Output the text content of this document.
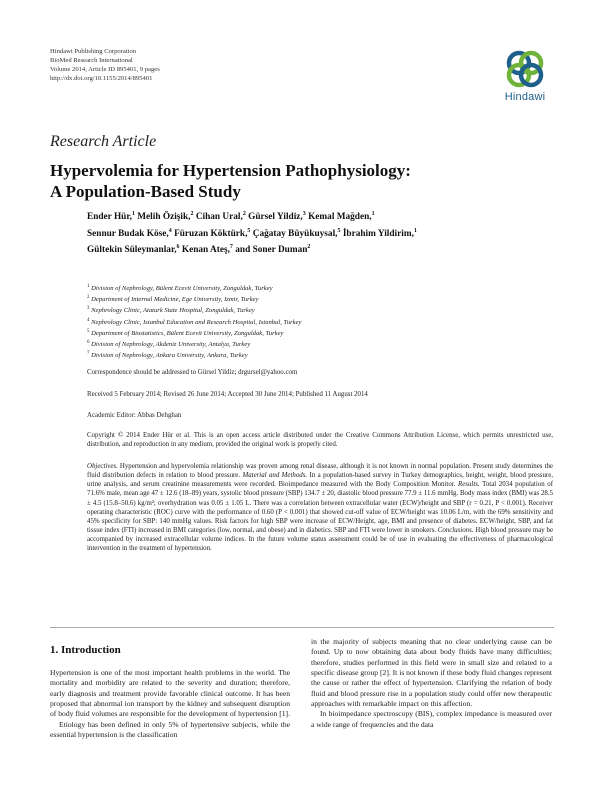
Hindawi Publishing Corporation
BioMed Research International
Volume 2014, Article ID 895401, 9 pages
http://dx.doi.org/10.1155/2014/895401
Hindawi
Research Article
Hypervolemia for Hypertension Pathophysiology:
A Population-Based Study
Ender Hür,$^1$ Melih Özişik,$^2$ Cihan Ural,$^2$ Gürsel Yildiz,$^3$ Kemal Mağden,$^1$
Sennur Budak Köse,$^4$ Füruzan Köktürk,$^5$ Çağatay Büyükuysal,$^5$ İbrahim Yildirim,$^1$
Gültekin Süleymanlar,$^6$ Kenan Ateş,$^7$ and Soner Duman$^2$
$^1$ Division of Nephrology, Bülent Ecevit University, Zonguldak, Turkey
$^2$ Department of Internal Medicine, Ege University, Izmir, Turkey
$^3$ Nephrology Clinic, Ataturk State Hospital, Zonguldak, Turkey
$^4$ Nephrology Clinic, Istanbul Education and Research Hospital, Istanbul, Turkey
$^5$ Department of Biostatistics, Bülent Ecevit University, Zonguldak, Turkey
$^6$ Division of Nephrology, Akdeniz University, Antalya, Turkey
$^7$ Division of Nephrology, Ankara University, Ankara, Turkey
Correspondence should be addressed to Gürsel Yildiz; drgursel@yahoo.com
Received 5 February 2014; Revised 26 June 2014; Accepted 30 June 2014; Published 11 August 2014
Academic Editor: Abbas Dehghan
Copyright © 2014 Ender Hür et al. This is an open access article distributed under the Creative Commons Attribution License, which permits unrestricted use, distribution, and reproduction in any medium, provided the original work is properly cited.
Objectives. Hypertension and hypervolemia relationship was proven among renal disease, although it is not known in normal population. Present study determines the fluid distribution defects in relation to blood pressure. Material and Methods. In a population-based survey in Turkey demographics, height, weight, blood pressure, urine analysis, and serum creatinine measurements were recorded. Bioimpedance measured with the Body Composition Monitor. Results. Total 2034 population of 71.6% male, mean age 47 ± 12.6 (18–89) years, systolic blood pressure (SBP) 134.7 ± 20, diastolic blood pressure 77.9 ± 11.6 mmHg. Body mass index (BMI) was 28.5 ± 4.5 (15.8–50.6) kg/m²; overhydration was 0.05 ± 1.05 L. There was a correlation between extracellular water (ECW)/height and SBP (r = 0.21, P < 0.001). Receiver operating characteristic (ROC) curve with the performance of 0.60 (P < 0.001) that showed cut-off value of ECW/height was 10.06 L/m, with the 69% sensitivity and 45% specificity for SBP: 140 mmHg values. Risk factors for high SBP were increase of ECW/Height, age, BMI and presence of diabetes. ECW/height, SBP, and fat tissue index (FTI) increased in BMI categories (low, normal, and obese) and in diabetics. SBP and FTI were lower in smokers. Conclusions. High blood pressure may be accompanied by increased extracellular volume indices. In the future volume status assessment could be of use in evaluating the effectiveness of pharmacological intervention in the treatment of hypertension.
1. Introduction

Hypertension is one of the most important health problems in the world. The mortality and morbidity are related to the severity and duration; therefore, early diagnosis and treatment provide favorable clinical outcome. It has been proposed that abnormal ion transport by the kidney and subsequent disruption of body fluid volumes are responsible for the development of hypertension [1].

Etiology has been defined in only 5% of hypertensive subjects, while the essential hypertension is the classification

in the majority of subjects meaning that no clear underlying cause can be found. Up to now obtaining data about body fluids have many difficulties; therefore, studies performed in this field were in small size and related to a specific disease group [2]. It is not known if these body fluid changes represent the cause or rather the effect of hypertension. Clarifying the relation of body fluid and blood pressure rise in a population study could offer new therapeutic approaches with remarkable impact on this affection.

In bioimpedance spectroscopy (BIS), complex impedance is measured over a wide range of frequencies and the data
